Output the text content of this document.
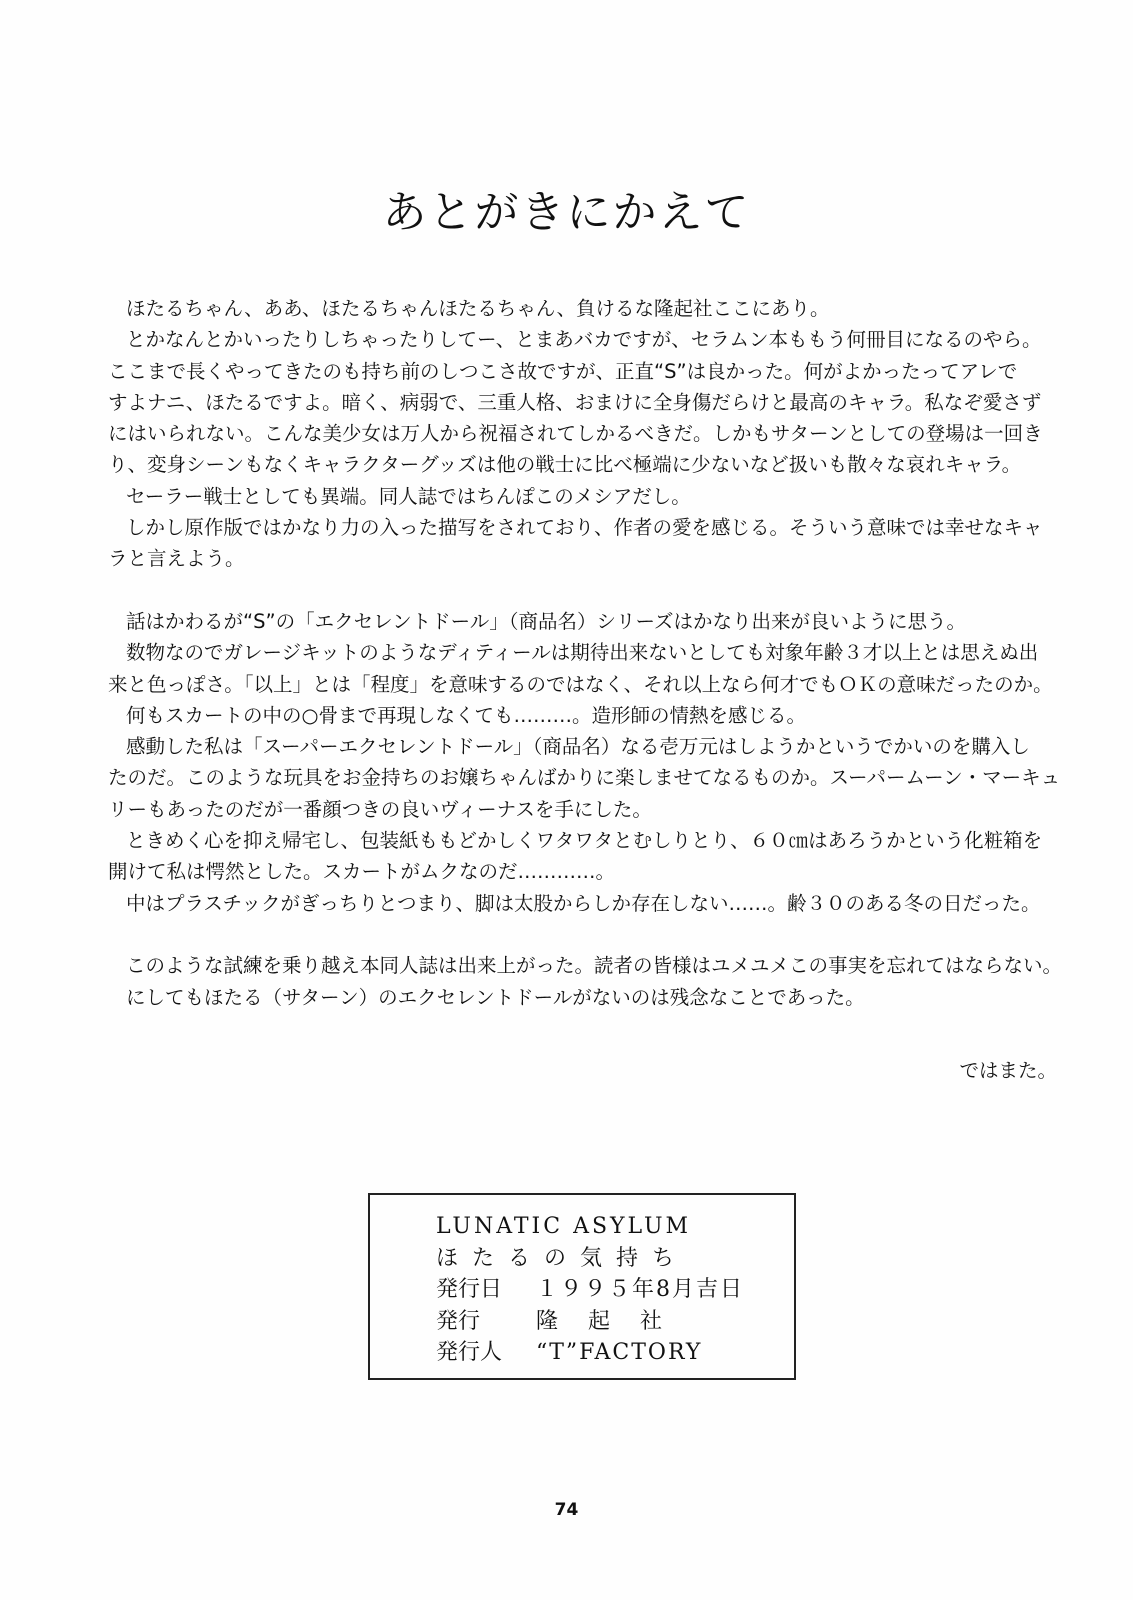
あとがきにかえて
ほたるちゃん、ああ、ほたるちゃんほたるちゃん、負けるな隆起社ここにあり。
とかなんとかいったりしちゃったりしてー、とまあバカですが、セラムン本ももう何冊目になるのやら。
ここまで長くやってきたのも持ち前のしつこさ故ですが、正直“S”は良かった。何がよかったってアレで
すよナニ、ほたるですよ。暗く、病弱で、三重人格、おまけに全身傷だらけと最高のキャラ。私なぞ愛さず
にはいられない。こんな美少女は万人から祝福されてしかるべきだ。しかもサターンとしての登場は一回き
り、変身シーンもなくキャラクターグッズは他の戦士に比べ極端に少ないなど扱いも散々な哀れキャラ。
セーラー戦士としても異端。同人誌ではちんぽこのメシアだし。
しかし原作版ではかなり力の入った描写をされており、作者の愛を感じる。そういう意味では幸せなキャ
ラと言えよう。
話はかわるが“S”の「エクセレントドール」（商品名）シリーズはかなり出来が良いように思う。
数物なのでガレージキットのようなディティールは期待出来ないとしても対象年齢３才以上とは思えぬ出
来と色っぽさ。「以上」とは「程度」を意味するのではなく、それ以上なら何才でもＯＫの意味だったのか。
何もスカートの中の○骨まで再現しなくても………。造形師の情熱を感じる。
感動した私は「スーパーエクセレントドール」（商品名）なる壱万元はしようかというでかいのを購入し
たのだ。このような玩具をお金持ちのお嬢ちゃんばかりに楽しませてなるものか。スーパームーン・マーキュ
リーもあったのだが一番顔つきの良いヴィーナスを手にした。
ときめく心を抑え帰宅し、包装紙ももどかしくワタワタとむしりとり、６０㎝はあろうかという化粧箱を
開けて私は愕然とした。スカートがムクなのだ…………。
中はプラスチックがぎっちりとつまり、脚は太股からしか存在しない……。齢３０のある冬の日だった。
このような試練を乗り越え本同人誌は出来上がった。読者の皆様はユメユメこの事実を忘れてはならない。
にしてもほたる（サターン）のエクセレントドールがないのは残念なことであった。
ではまた。
LUNATIC ASYLUM
ほたるの気持ち
発行日 １９９５年8月吉日
発行	隆起社
発行人 “T”FACTORY
74
